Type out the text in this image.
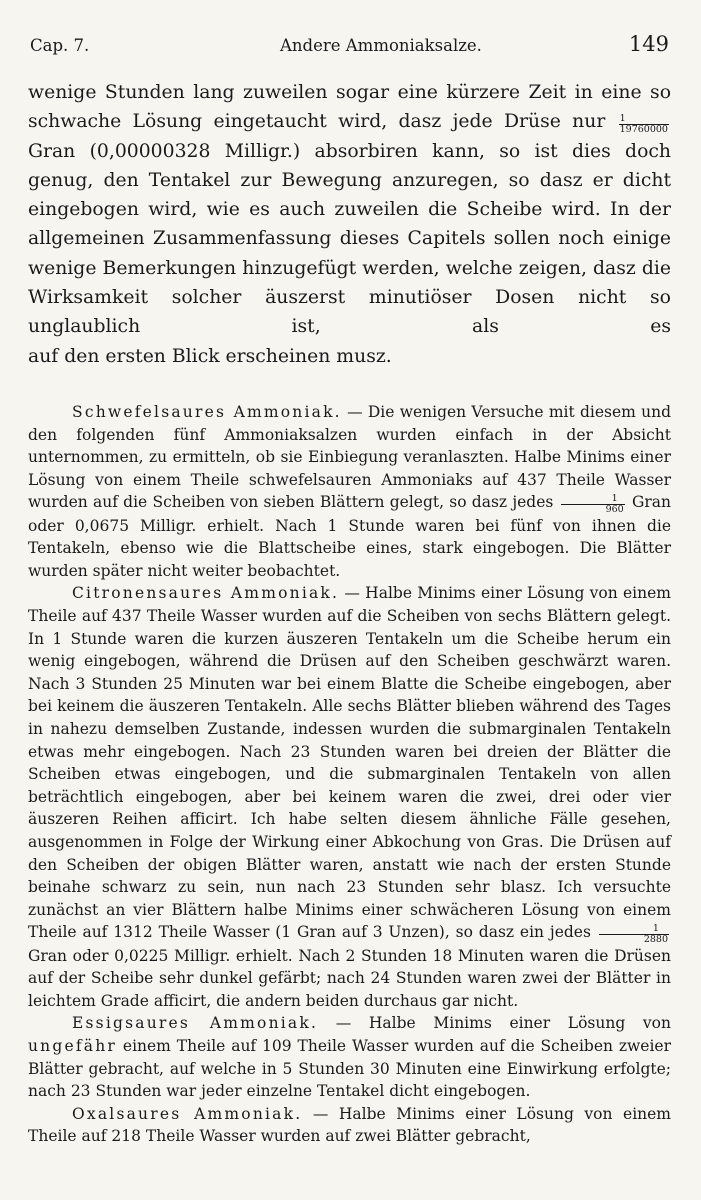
Cap. 7.	Andere Ammoniaksalze.	149
wenige Stunden lang zuweilen sogar eine kürzere Zeit in eine so schwache Lösung eingetaucht wird, dasz jede Drüse nur $\frac{1}{19760000}$
Gran (0,00000328 Milligr.) absorbiren kann, so ist dies doch genug, den Tentakel zur Bewegung anzuregen, so dasz er dicht eingebogen wird, wie es auch zuweilen die Scheibe wird. In der allgemeinen Zusammenfassung dieses Capitels sollen noch einige wenige Bemerkungen hinzugefügt werden, welche zeigen, dasz die Wirksamkeit solcher äuszerst minutiöser Dosen nicht so unglaublich ist, als es
auf den ersten Blick erscheinen musz.

Schwefelsaures Ammoniak. — Die wenigen Versuche mit diesem und den folgenden fünf Ammoniaksalzen wurden einfach in der Absicht unternommen, zu ermitteln, ob sie Einbiegung veranlaszten. Halbe Minims einer Lösung von einem Theile schwefelsauren Ammoniaks auf 437 Theile Wasser wurden auf die Scheiben von sieben Blättern gelegt, so dasz jedes $\frac{1}{960}$ Gran oder 0,0675 Milligr. erhielt. Nach 1 Stunde waren bei fünf von ihnen die Tentakeln, ebenso wie die Blattscheibe eines, stark eingebogen. Die Blätter wurden später nicht weiter beobachtet.

Citronensaures Ammoniak. — Halbe Minims einer Lösung von einem Theile auf 437 Theile Wasser wurden auf die Scheiben von sechs Blättern gelegt. In 1 Stunde waren die kurzen äuszeren Tentakeln um die Scheibe herum ein wenig eingebogen, während die Drüsen auf den Scheiben geschwärzt waren. Nach 3 Stunden 25 Minuten war bei einem Blatte die Scheibe eingebogen, aber bei keinem die äuszeren Tentakeln. Alle sechs Blätter blieben während des Tages in nahezu demselben Zustande, indessen wurden die submarginalen Tentakeln etwas mehr eingebogen. Nach 23 Stunden waren bei dreien der Blätter die Scheiben etwas eingebogen, und die submarginalen Tentakeln von allen beträchtlich eingebogen, aber bei keinem waren die zwei, drei oder vier äuszeren Reihen afficirt. Ich habe selten diesem ähnliche Fälle gesehen, ausgenommen in Folge der Wirkung einer Abkochung von Gras. Die Drüsen auf den Scheiben der obigen Blätter waren, anstatt wie nach der ersten Stunde beinahe schwarz zu sein, nun nach 23 Stunden sehr blasz. Ich versuchte zunächst an vier Blättern halbe Minims einer schwächeren Lösung von einem Theile auf 1312 Theile Wasser (1 Gran auf 3 Unzen), so dasz ein jedes $\frac{1}{2880}$
Gran oder 0,0225 Milligr. erhielt. Nach 2 Stunden 18 Minuten waren die Drüsen auf der Scheibe sehr dunkel gefärbt; nach 24 Stunden waren zwei der Blätter in leichtem Grade afficirt, die andern beiden durchaus gar nicht.

Essigsaures Ammoniak. — Halbe Minims einer Lösung von ungefähr einem Theile auf 109 Theile Wasser wurden auf die Scheiben zweier Blätter gebracht, auf welche in 5 Stunden 30 Minuten eine Einwirkung erfolgte; nach 23 Stunden war jeder einzelne Tentakel dicht eingebogen.

Oxalsaures Ammoniak. — Halbe Minims einer Lösung von einem Theile auf 218 Theile Wasser wurden auf zwei Blätter gebracht,
